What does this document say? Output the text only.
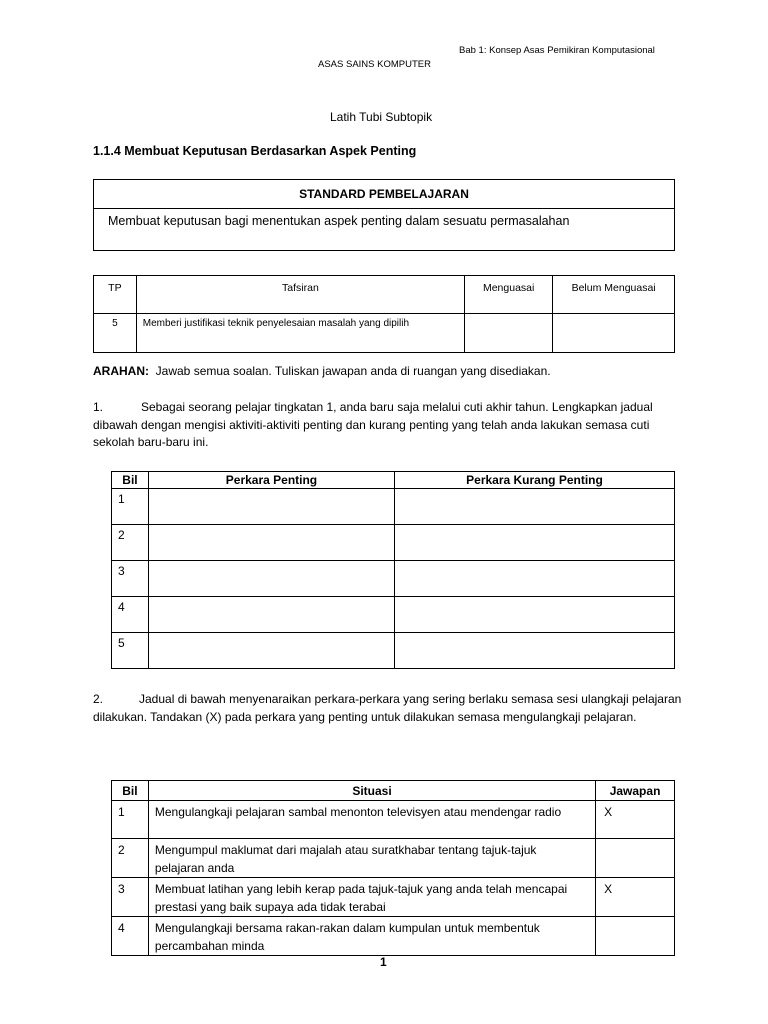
Bab 1: Konsep Asas Pemikiran Komputasional
ASAS SAINS KOMPUTER
Latih Tubi Subtopik
1.1.4 Membuat Keputusan Berdasarkan Aspek Penting
STANDARD PEMBELAJARAN
Membuat keputusan bagi menentukan aspek penting dalam sesuatu permasalahan
TP	Tafsiran	Menguasai	Belum Menguasai
5	Memberi justifikasi teknik penyelesaian masalah yang dipilih		
ARAHAN: Jawab semua soalan. Tuliskan jawapan anda di ruangan yang disediakan.
1.	Sebagai seorang pelajar tingkatan 1, anda baru saja melalui cuti akhir tahun. Lengkapkan jadual dibawah dengan mengisi aktiviti-aktiviti penting dan kurang penting yang telah anda lakukan semasa cuti sekolah baru-baru ini.
Bil	Perkara Penting	Perkara Kurang Penting
1		
2		
3		
4		
5		
2.	Jadual di bawah menyenaraikan perkara-perkara yang sering berlaku semasa sesi ulangkaji pelajaran dilakukan. Tandakan (X) pada perkara yang penting untuk dilakukan semasa mengulangkaji pelajaran.
Bil	Situasi	Jawapan
1	Mengulangkaji pelajaran sambal menonton televisyen atau mendengar radio	X
2	Mengumpul maklumat dari majalah atau suratkhabar tentang tajuk-tajuk pelajaran anda	
3	Membuat latihan yang lebih kerap pada tajuk-tajuk yang anda telah mencapai prestasi yang baik supaya ada tidak terabai	X
4	Mengulangkaji bersama rakan-rakan dalam kumpulan untuk membentuk percambahan minda	
1
